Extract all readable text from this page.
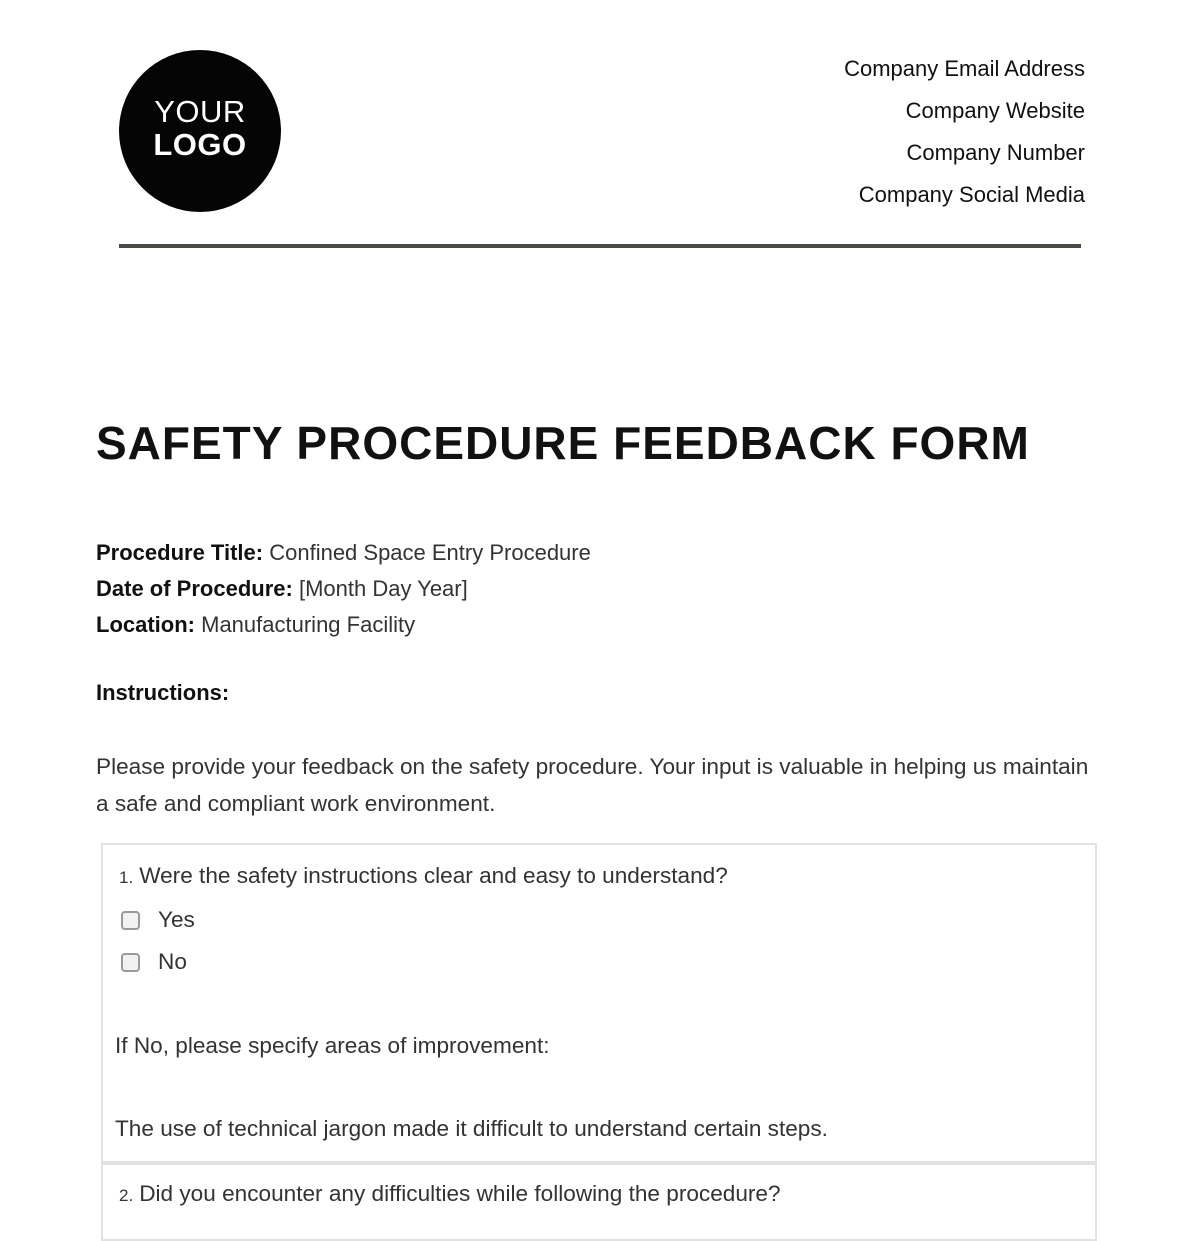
YOUR
LOGO
Company Email Address
Company Website
Company Number
Company Social Media
SAFETY PROCEDURE FEEDBACK FORM
Procedure Title: Confined Space Entry Procedure
Date of Procedure: [Month Day Year]
Location: Manufacturing Facility
Instructions:

Please provide your feedback on the safety procedure. Your input is valuable in helping us maintain a safe and compliant work environment.

1. Were the safety instructions clear and easy to understand?
Yes
No
If No, please specify areas of improvement:
The use of technical jargon made it difficult to understand certain steps.
2. Did you encounter any difficulties while following the procedure?
